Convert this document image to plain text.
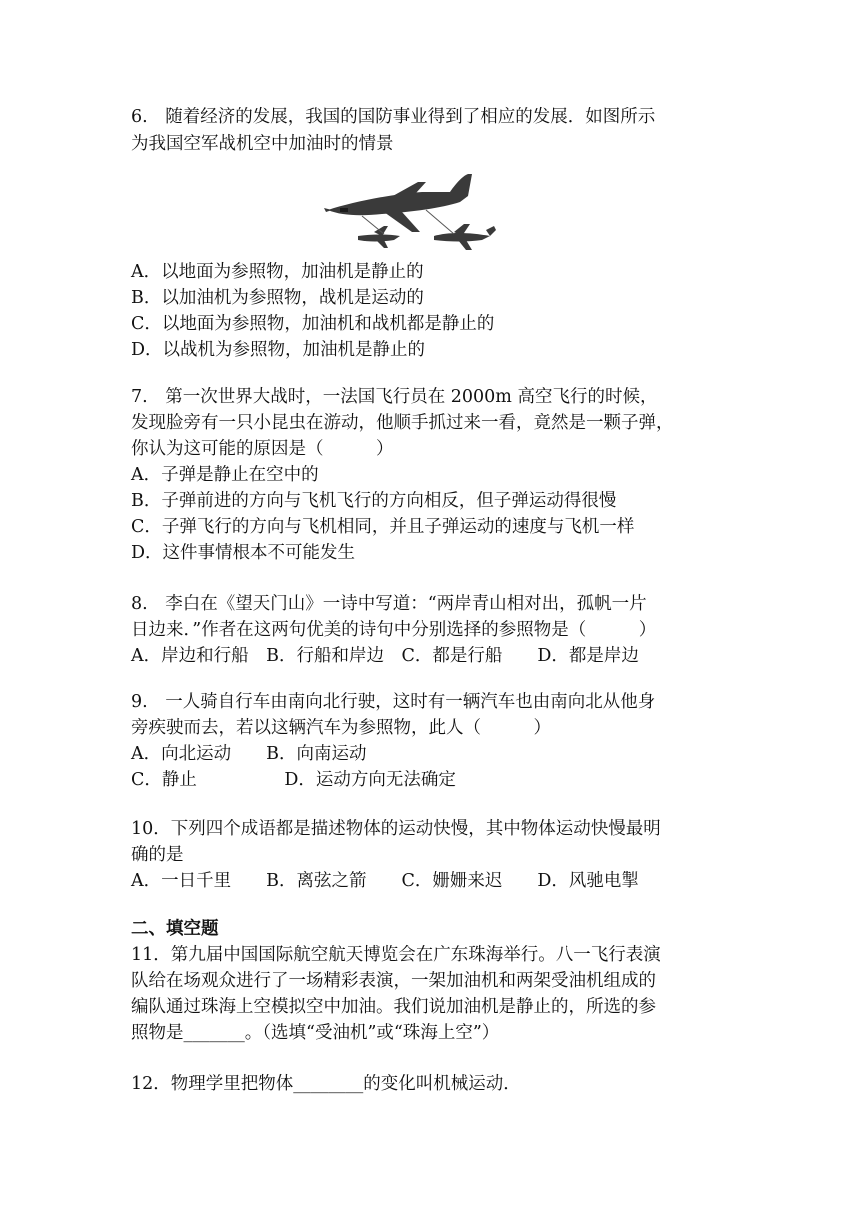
6.　随着经济的发展，我国的国防事业得到了相应的发展．如图所示
为我国空军战机空中加油时的情景
A．以地面为参照物，加油机是静止的
B．以加油机为参照物，战机是运动的
C．以地面为参照物，加油机和战机都是静止的
D．以战机为参照物，加油机是静止的
7.　第一次世界大战时，一法国飞行员在 2000m 高空飞行的时候，
发现脸旁有一只小昆虫在游动，他顺手抓过来一看，竟然是一颗子弹，
你认为这可能的原因是（　　　）
A．子弹是静止在空中的
B．子弹前进的方向与飞机飞行的方向相反，但子弹运动得很慢
C．子弹飞行的方向与飞机相同，并且子弹运动的速度与飞机一样
D．这件事情根本不可能发生
8.　李白在《望天门山》一诗中写道：“两岸青山相对出，孤帆一片
日边来．”作者在这两句优美的诗句中分别选择的参照物是（　　　）
A．岸边和行船　B．行船和岸边　C．都是行船　　D．都是岸边
9.　一人骑自行车由南向北行驶，这时有一辆汽车也由南向北从他身
旁疾驶而去，若以这辆汽车为参照物，此人（　　　）
A．向北运动　　B．向南运动
C．静止　　　　　D．运动方向无法确定
10．下列四个成语都是描述物体的运动快慢，其中物体运动快慢最明
确的是
A．一日千里　　B．离弦之箭　　C．姗姗来迟　　D．风驰电掣
二、填空题
11．第九届中国国际航空航天博览会在广东珠海举行。八一飞行表演
队给在场观众进行了一场精彩表演，一架加油机和两架受油机组成的
编队通过珠海上空模拟空中加油。我们说加油机是静止的，所选的参
照物是_______。（选填“受油机”或“珠海上空”）
12．物理学里把物体________的变化叫机械运动．
